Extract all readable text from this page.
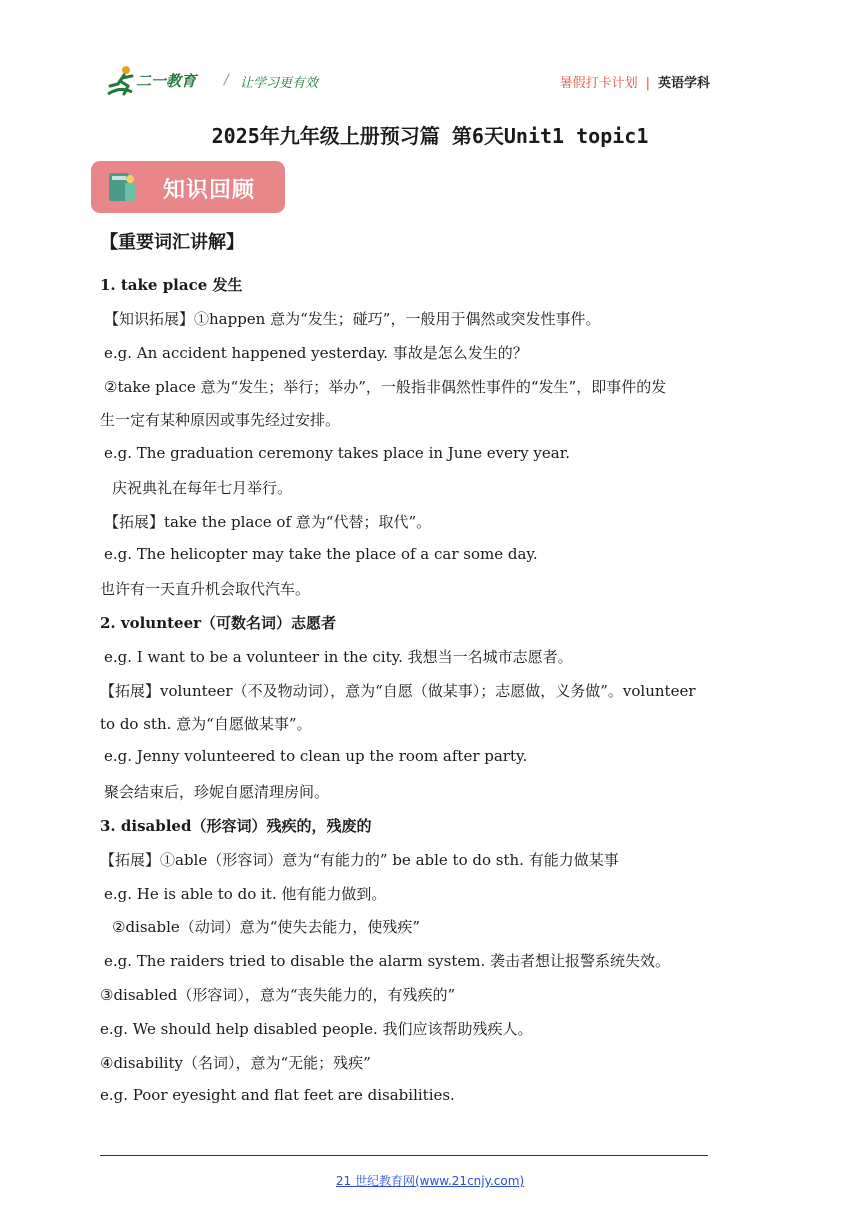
二一教育 / 让学习更有效	暑假打卡计划 | 英语学科
2025年九年级上册预习篇 第6天Unit1 topic1
知识回顾
【重要词汇讲解】
1. take place 发生
【知识拓展】①happen 意为“发生；碰巧”，一般用于偶然或突发性事件。
e.g. An accident happened yesterday. 事故是怎么发生的？
②take place 意为“发生；举行；举办”，一般指非偶然性事件的“发生”，即事件的发
生一定有某种原因或事先经过安排。
e.g. The graduation ceremony takes place in June every year.
庆祝典礼在每年七月举行。
【拓展】take the place of 意为“代替；取代”。
e.g. The helicopter may take the place of a car some day.
也许有一天直升机会取代汽车。
2. volunteer（可数名词）志愿者
e.g. I want to be a volunteer in the city. 我想当一名城市志愿者。
【拓展】volunteer（不及物动词），意为“自愿（做某事）；志愿做，义务做”。volunteer
to do sth. 意为“自愿做某事”。
e.g. Jenny volunteered to clean up the room after party.
聚会结束后，珍妮自愿清理房间。
3. disabled（形容词）残疾的，残废的
【拓展】①able（形容词）意为“有能力的” be able to do sth. 有能力做某事
e.g. He is able to do it. 他有能力做到。
②disable（动词）意为“使失去能力，使残疾”
e.g. The raiders tried to disable the alarm system. 袭击者想让报警系统失效。
③disabled（形容词），意为“丧失能力的，有残疾的”
e.g. We should help disabled people. 我们应该帮助残疾人。
④disability（名词），意为“无能；残疾”
e.g. Poor eyesight and flat feet are disabilities.
21 世纪教育网(www.21cnjy.com)
